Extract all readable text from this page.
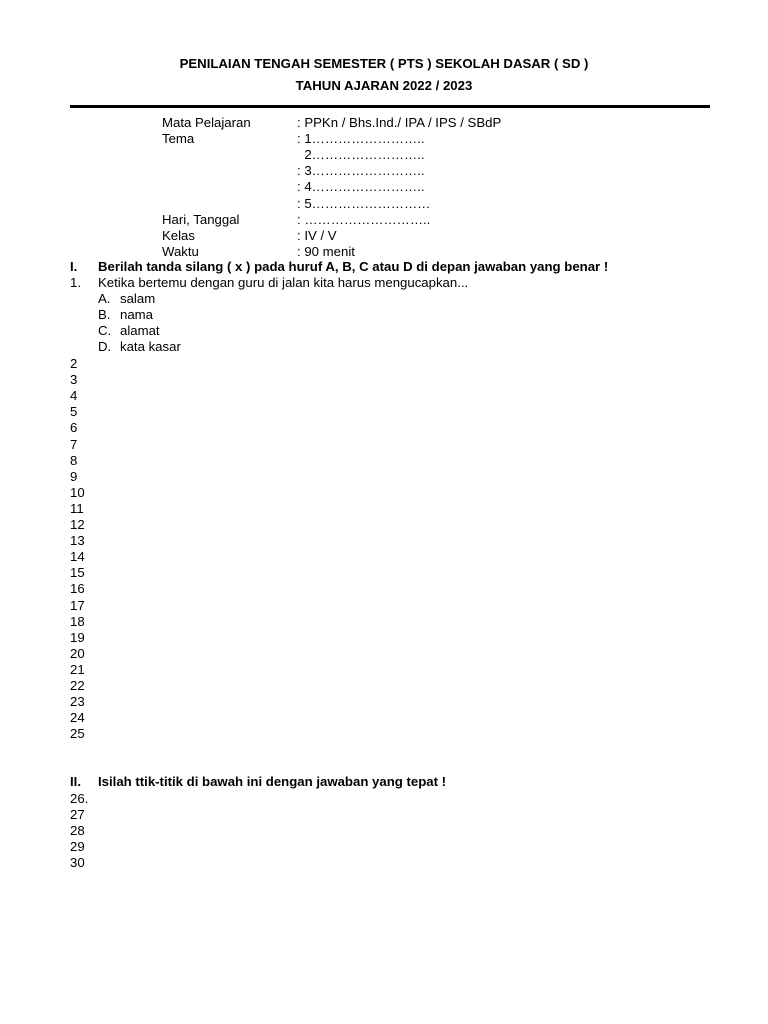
PENILAIAN TENGAH SEMESTER ( PTS ) SEKOLAH DASAR ( SD )
TAHUN AJARAN 2022 / 2023
Mata Pelajaran	: PPKn / Bhs.Ind./ IPA / IPS / SBdP
Tema	: 1……………………..
2……………………..
: 3……………………..
: 4……………………..
: 5………………………
Hari, Tanggal	: ………………………..
Kelas	: IV / V
Waktu	: 90 menit
I. Berilah tanda silang ( x ) pada huruf A, B, C atau D di depan jawaban yang benar !
1. Ketika bertemu dengan guru di jalan kita harus mengucapkan...
A. salam
B. nama
C. alamat
D. kata kasar
2
3
4
5
6
7
8
9
10
11
12
13
14
15
16
17
18
19
20
21
22
23
24
25
II. Isilah ttik-titik di bawah ini dengan jawaban yang tepat !
26.
27
28
29
30
